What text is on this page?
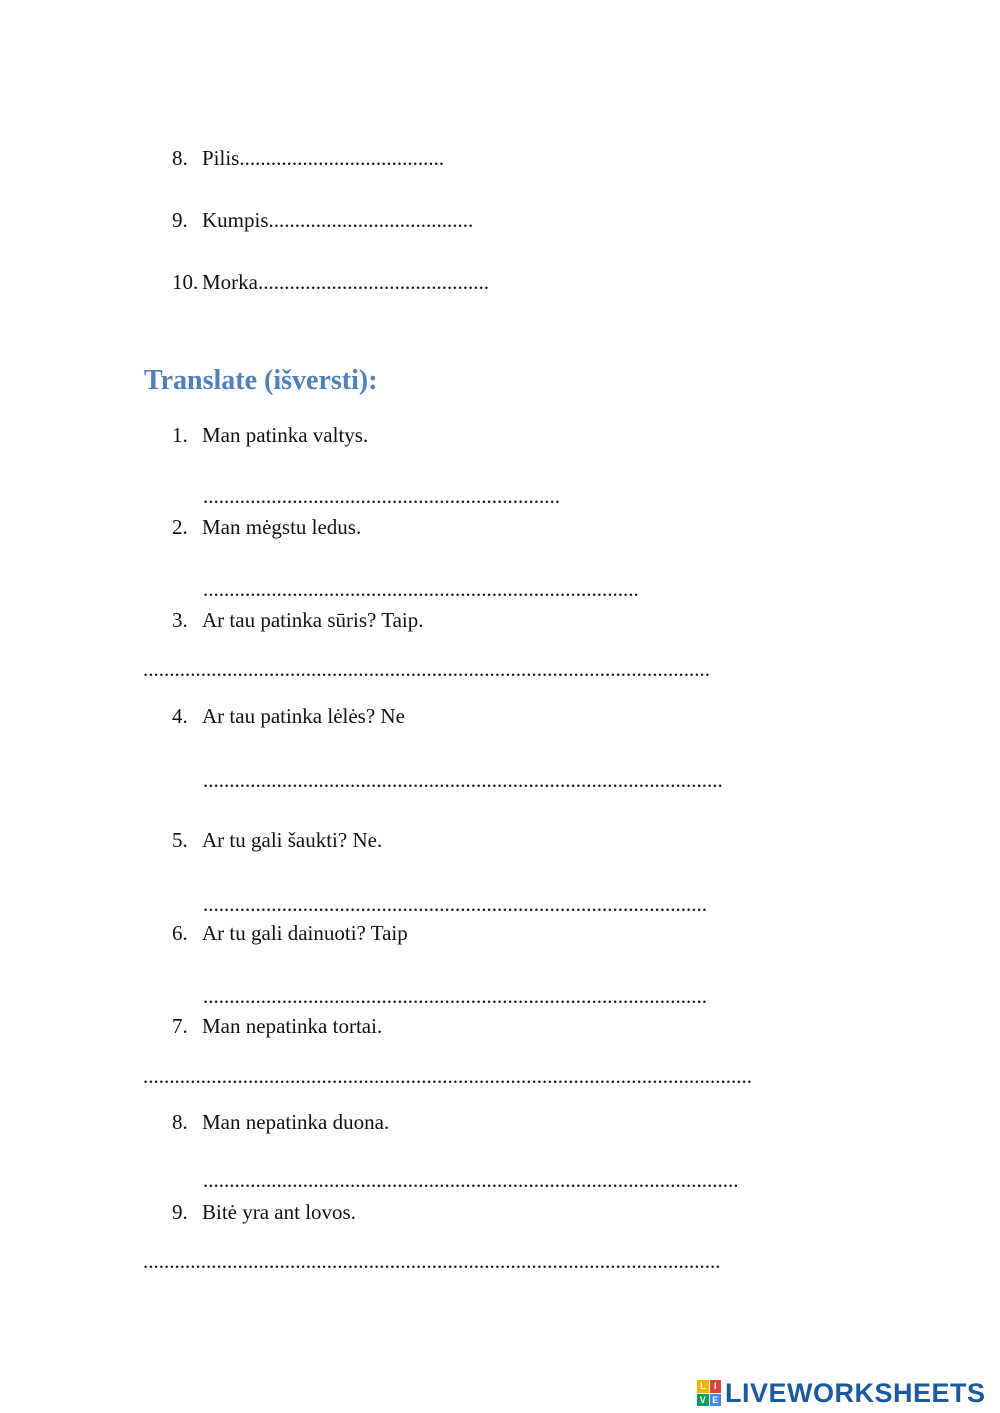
8. Pilis.......................................
9. Kumpis.......................................
10. Morka............................................
Translate (išversti):
1. Man patinka valtys.
....................................................................
2. Man mėgstu ledus.
...................................................................................
3. Ar tau patinka sūris? Taip.
............................................................................................................
4. Ar tau patinka lėlės? Ne
...................................................................................................
5. Ar tu gali šaukti? Ne.
................................................................................................
6. Ar tu gali dainuoti? Taip
................................................................................................
7. Man nepatinka tortai.
....................................................................................................................
8. Man nepatinka duona.
......................................................................................................
9. Bitė yra ant lovos.
..............................................................................................................
L I
V E LIVEWORKSHEETS
